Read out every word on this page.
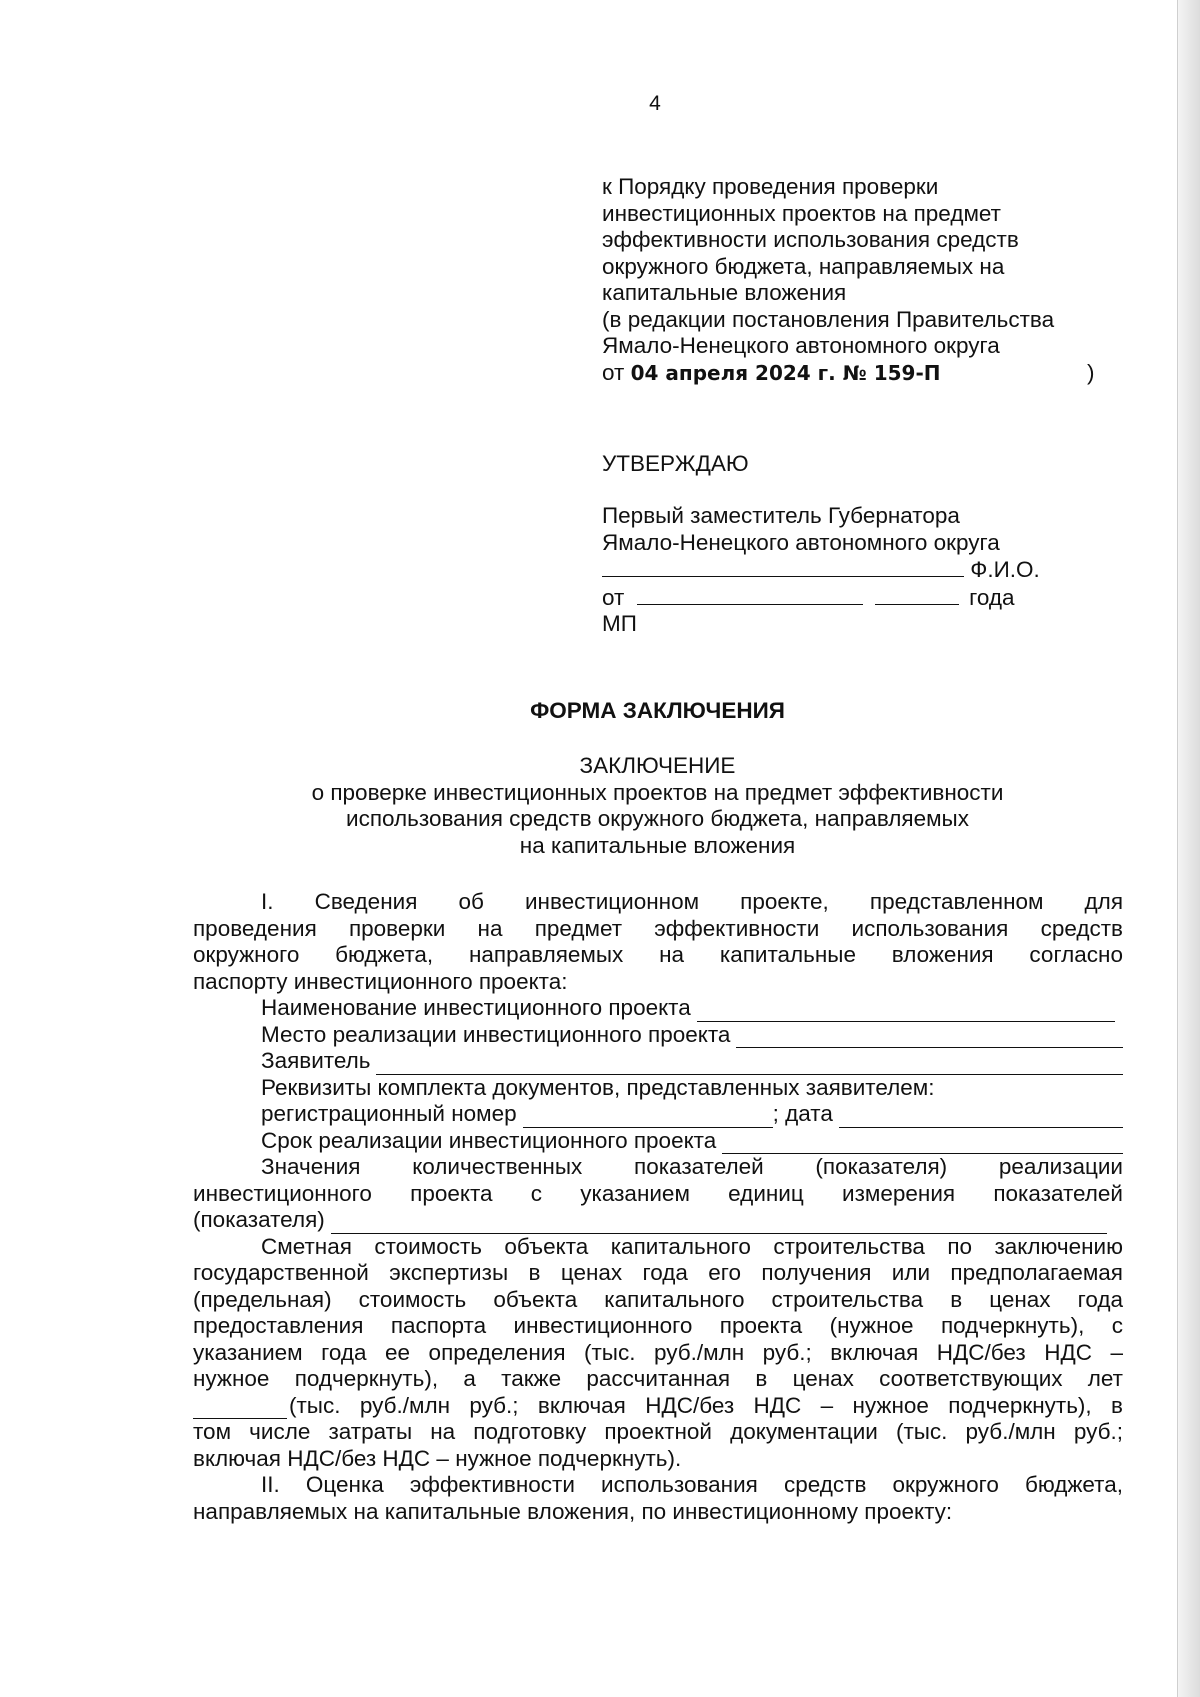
4
к Порядку проведения проверки
инвестиционных проектов на предмет
эффективности использования средств
окружного бюджета, направляемых на
капитальные вложения
(в редакции постановления Правительства
Ямало-Ненецкого автономного округа
от 04 апреля 2024 г. № 159-П	)
УТВЕРЖДАЮ
Первый заместитель Губернатора
Ямало-Ненецкого автономного округа
Ф.И.О.
от	года
МП
ФОРМА ЗАКЛЮЧЕНИЯ
ЗАКЛЮЧЕНИЕ
о проверке инвестиционных проектов на предмет эффективности
использования средств окружного бюджета, направляемых
на капитальные вложения
I. Сведения об инвестиционном проекте, представленном для
проведения проверки на предмет эффективности использования средств
окружного бюджета, направляемых на капитальные вложения согласно
паспорту инвестиционного проекта:
Наименование инвестиционного проекта
Место реализации инвестиционного проекта
Заявитель
Реквизиты комплекта документов, представленных заявителем:
регистрационный номер	; дата
Срок реализации инвестиционного проекта
Значения количественных показателей (показателя) реализации
инвестиционного проекта с указанием единиц измерения показателей
(показателя)
Сметная стоимость объекта капитального строительства по заключению
государственной экспертизы в ценах года его получения или предполагаемая
(предельная) стоимость объекта капитального строительства в ценах года
предоставления паспорта инвестиционного проекта (нужное подчеркнуть), с
указанием года ее определения (тыс. руб./млн руб.; включая НДС/без НДС –
нужное подчеркнуть), а также рассчитанная в ценах соответствующих лет
(тыс. руб./млн руб.; включая НДС/без НДС – нужное подчеркнуть), в
том числе затраты на подготовку проектной документации (тыс. руб./млн руб.;
включая НДС/без НДС – нужное подчеркнуть).
II. Оценка эффективности использования средств окружного бюджета,
направляемых на капитальные вложения, по инвестиционному проекту:
